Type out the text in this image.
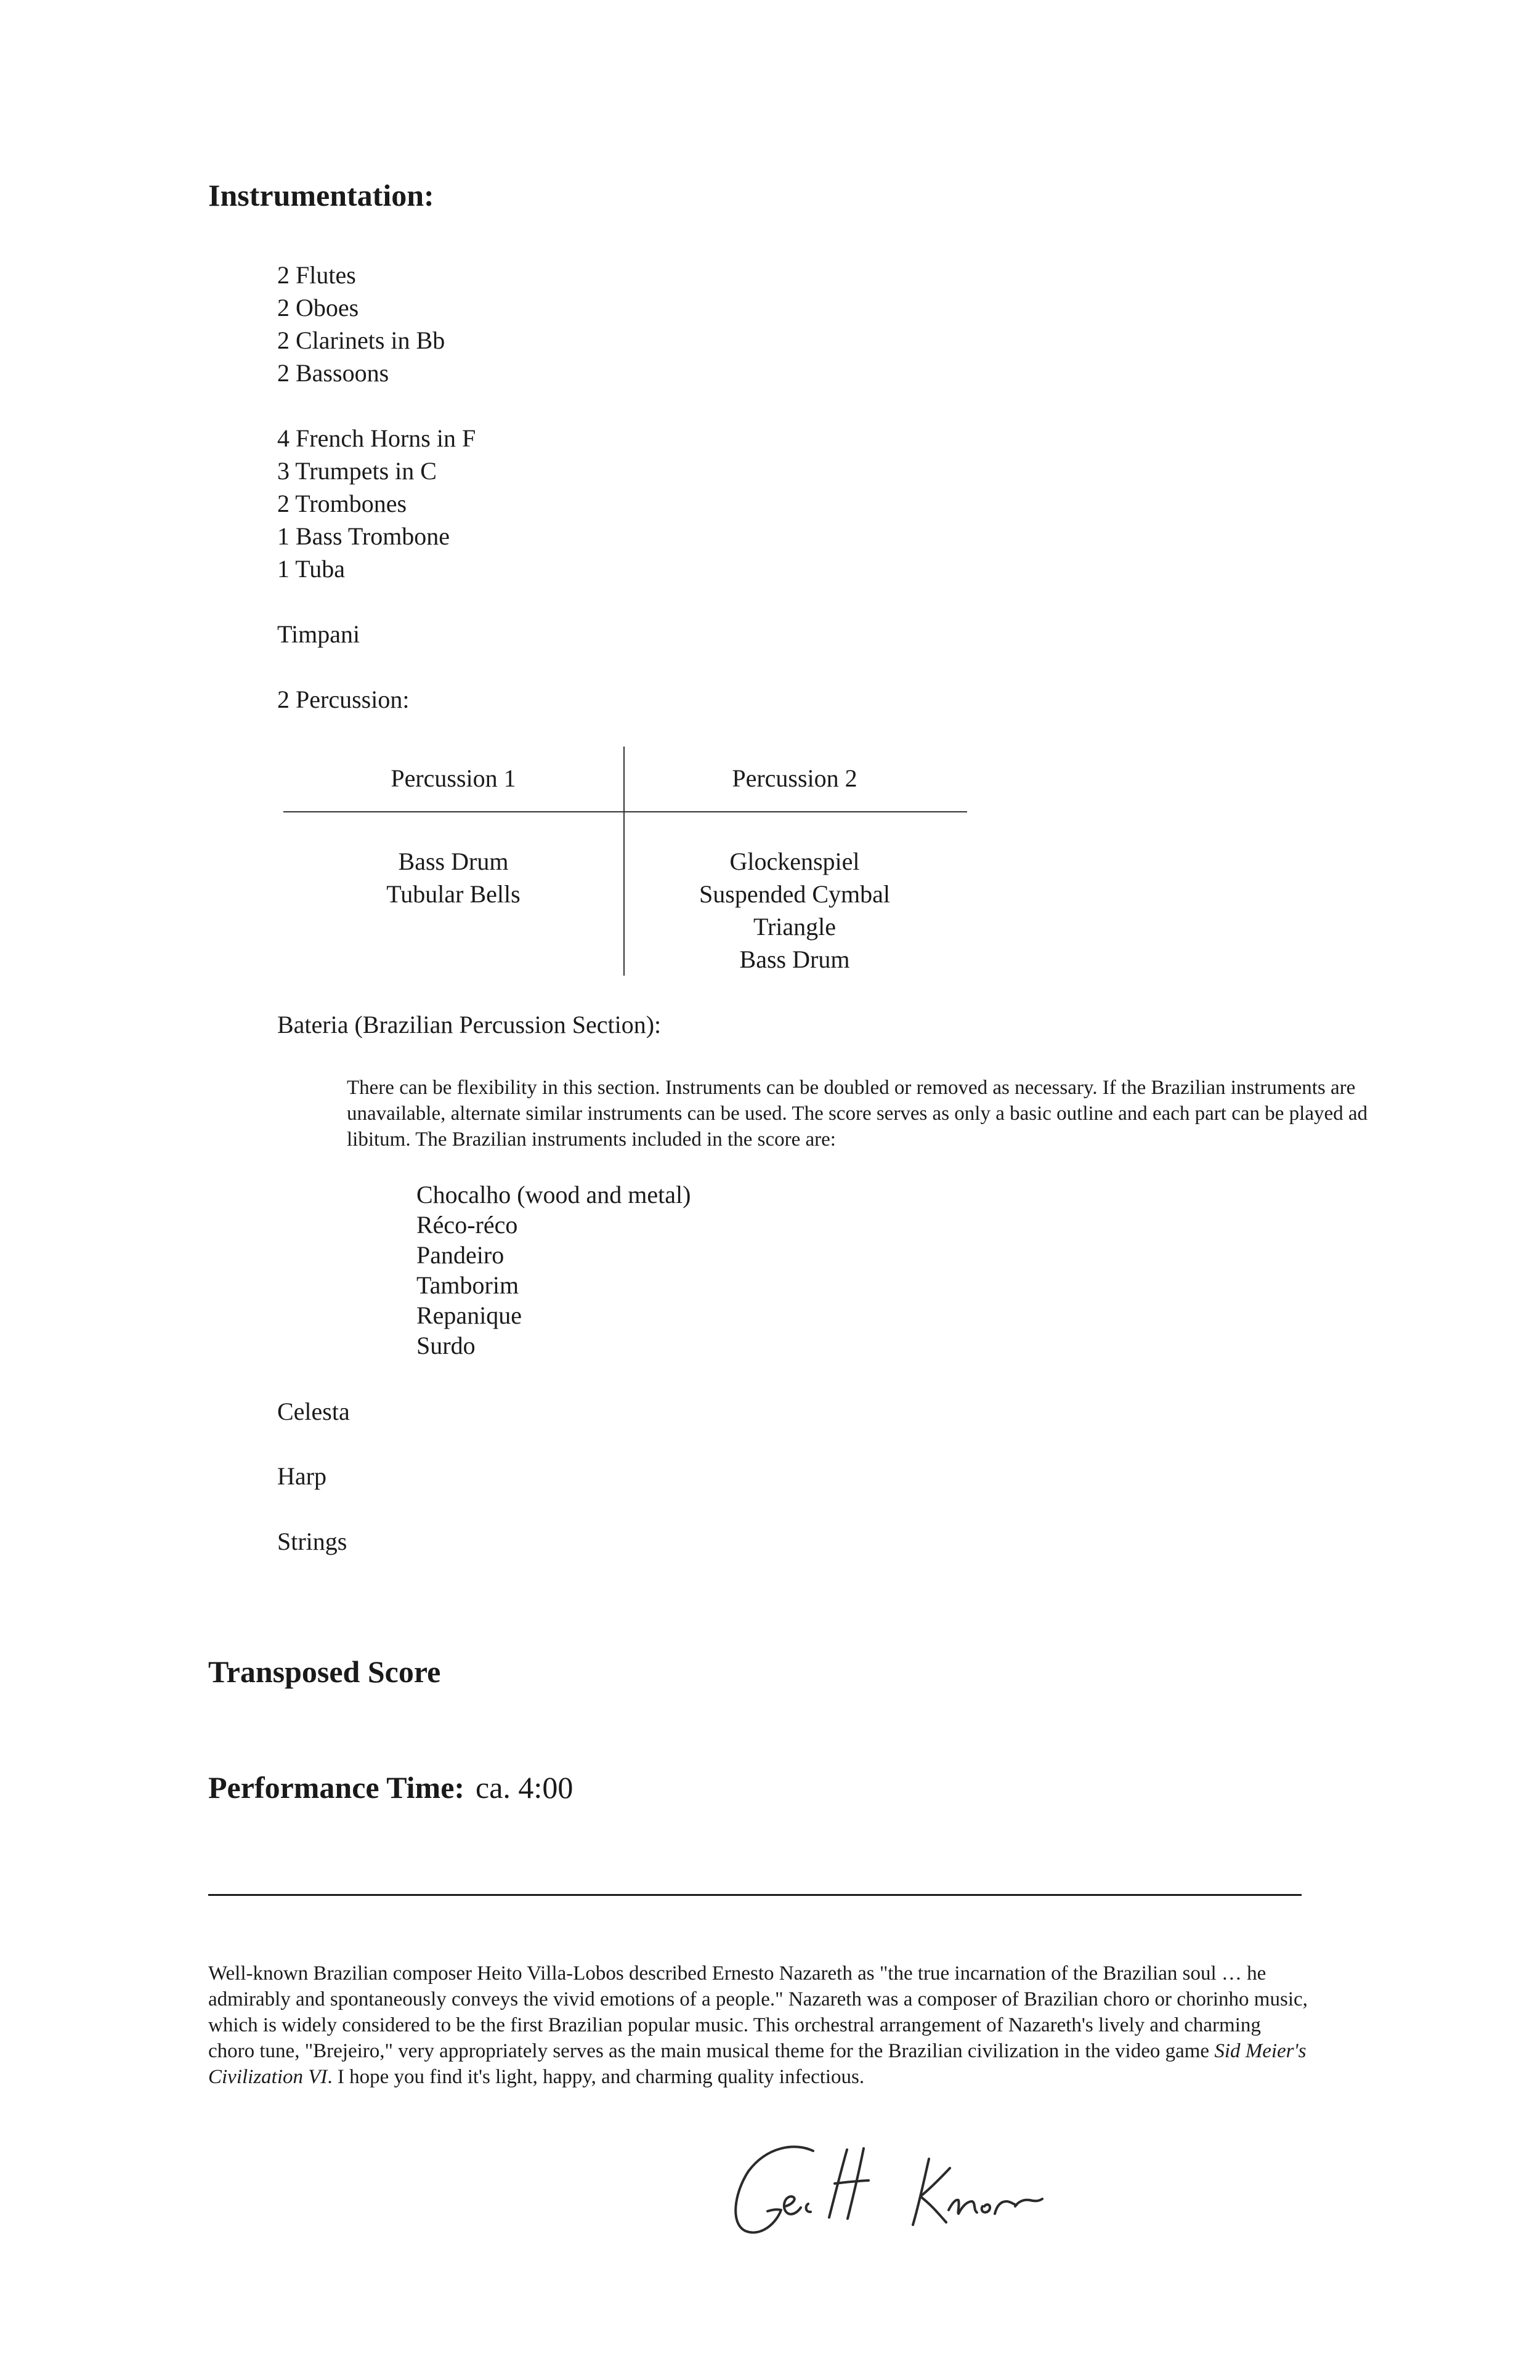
Instrumentation:
2 Flutes
2 Oboes
2 Clarinets in Bb
2 Bassoons
4 French Horns in F
3 Trumpets in C
2 Trombones
1 Bass Trombone
1 Tuba
Timpani
2 Percussion:
Percussion 1	Percussion 2
Bass Drum
Tubular Bells
Glockenspiel
Suspended Cymbal
Triangle
Bass Drum
Bateria (Brazilian Percussion Section):
There can be flexibility in this section. Instruments can be doubled or removed as necessary. If the Brazilian instruments are unavailable, alternate similar instruments can be used. The score serves as only a basic outline and each part can be played ad libitum. The Brazilian instruments included in the score are:
Chocalho (wood and metal)
Réco-réco
Pandeiro
Tamborim
Repanique
Surdo
Celesta
Harp
Strings
Transposed Score
Performance Time: ca. 4:00
Well-known Brazilian composer Heito Villa-Lobos described Ernesto Nazareth as "the true incarnation of the Brazilian soul … he admirably and spontaneously conveys the vivid emotions of a people." Nazareth was a composer of Brazilian choro or chorinho music, which is widely considered to be the first Brazilian popular music. This orchestral arrangement of Nazareth's lively and charming choro tune, "Brejeiro," very appropriately serves as the main musical theme for the Brazilian civilization in the video game Sid Meier's Civilization VI. I hope you find it's light, happy, and charming quality infectious.
